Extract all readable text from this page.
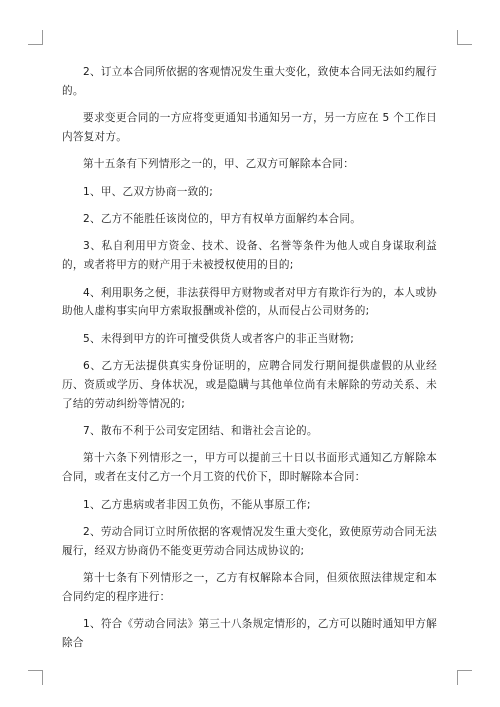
2、订立本合同所依据的客观情况发生重大变化，致使本合同无法如约履行的。

要求变更合同的一方应将变更通知书通知另一方，另一方应在 5 个工作日内答复对方。

第十五条有下列情形之一的，甲、乙双方可解除本合同：

1、甲、乙双方协商一致的;

2、乙方不能胜任该岗位的，甲方有权单方面解约本合同。

3、私自利用甲方资金、技术、设备、名誉等条件为他人或自身谋取利益的，或者将甲方的财产用于未被授权使用的目的;

4、利用职务之便，非法获得甲方财物或者对甲方有欺诈行为的，本人或协助他人虚构事实向甲方索取报酬或补偿的，从而侵占公司财务的;

5、未得到甲方的许可擅受供货人或者客户的非正当财物;

6、乙方无法提供真实身份证明的，应聘合同发行期间提供虚假的从业经历、资质或学历、身体状况，或是隐瞒与其他单位尚有未解除的劳动关系、未了结的劳动纠纷等情况的;

7、散布不利于公司安定团结、和谐社会言论的。

第十六条下列情形之一，甲方可以提前三十日以书面形式通知乙方解除本合同，或者在支付乙方一个月工资的代价下，即时解除本合同：

1、乙方患病或者非因工负伤，不能从事原工作;

2、劳动合同订立时所依据的客观情况发生重大变化，致使原劳动合同无法履行，经双方协商仍不能变更劳动合同达成协议的;

第十七条有下列情形之一，乙方有权解除本合同，但须依照法律规定和本合同约定的程序进行：

1、符合《劳动合同法》第三十八条规定情形的，乙方可以随时通知甲方解除合
